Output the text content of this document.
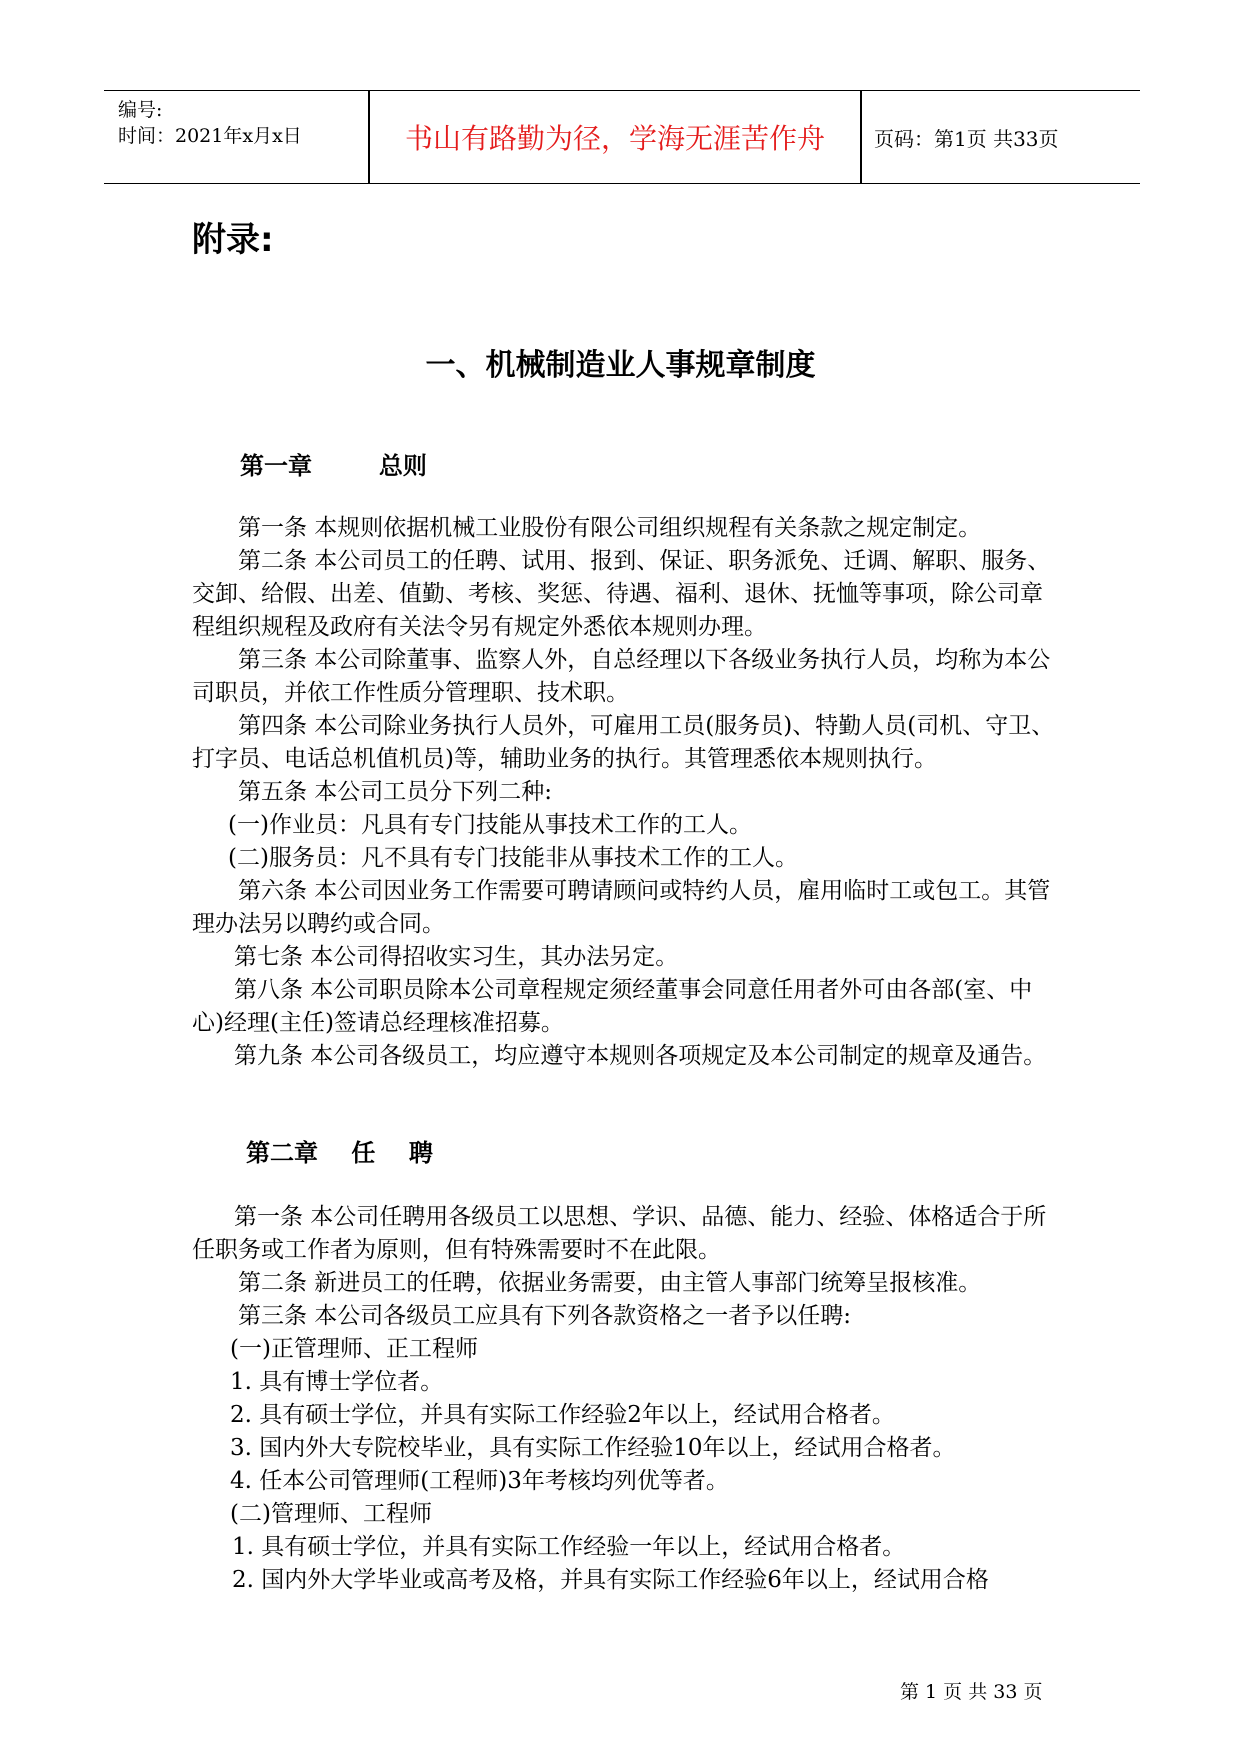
编号:
时间：2021年x月x日	书山有路勤为径，学海无涯苦作舟	页码：第1页 共33页
附录:
一、机械制造业人事规章制度
第一章        总则

第一条 本规则依据机械工业股份有限公司组织规程有关条款之规定制定。

第二条 本公司员工的任聘、试用、报到、保证、职务派免、迁调、解职、服务、交卸、给假、出差、值勤、考核、奖惩、待遇、福利、退休、抚恤等事项，除公司章程组织规程及政府有关法令另有规定外悉依本规则办理。

第三条 本公司除董事、监察人外，自总经理以下各级业务执行人员，均称为本公司职员，并依工作性质分管理职、技术职。

第四条 本公司除业务执行人员外，可雇用工员(服务员)、特勤人员(司机、守卫、打字员、电话总机值机员)等，辅助业务的执行。其管理悉依本规则执行。

第五条 本公司工员分下列二种:

(一)作业员：凡具有专门技能从事技术工作的工人。

(二)服务员：凡不具有专门技能非从事技术工作的工人。

第六条 本公司因业务工作需要可聘请顾问或特约人员，雇用临时工或包工。其管理办法另以聘约或合同。

第七条 本公司得招收实习生，其办法另定。

第八条 本公司职员除本公司章程规定须经董事会同意任用者外可由各部(室、中心)经理(主任)签请总经理核准招募。

第九条 本公司各级员工，均应遵守本规则各项规定及本公司制定的规章及通告。

第二章    任    聘

第一条 本公司任聘用各级员工以思想、学识、品德、能力、经验、体格适合于所任职务或工作者为原则，但有特殊需要时不在此限。

第二条 新进员工的任聘，依据业务需要，由主管人事部门统筹呈报核准。

第三条 本公司各级员工应具有下列各款资格之一者予以任聘:

(一)正管理师、正工程师

1. 具有博士学位者。

2. 具有硕士学位，并具有实际工作经验2年以上，经试用合格者。

3. 国内外大专院校毕业，具有实际工作经验10年以上，经试用合格者。

4. 任本公司管理师(工程师)3年考核均列优等者。

(二)管理师、工程师

1. 具有硕士学位，并具有实际工作经验一年以上，经试用合格者。

2. 国内外大学毕业或高考及格，并具有实际工作经验6年以上，经试用合格

第 1 页 共 33 页
